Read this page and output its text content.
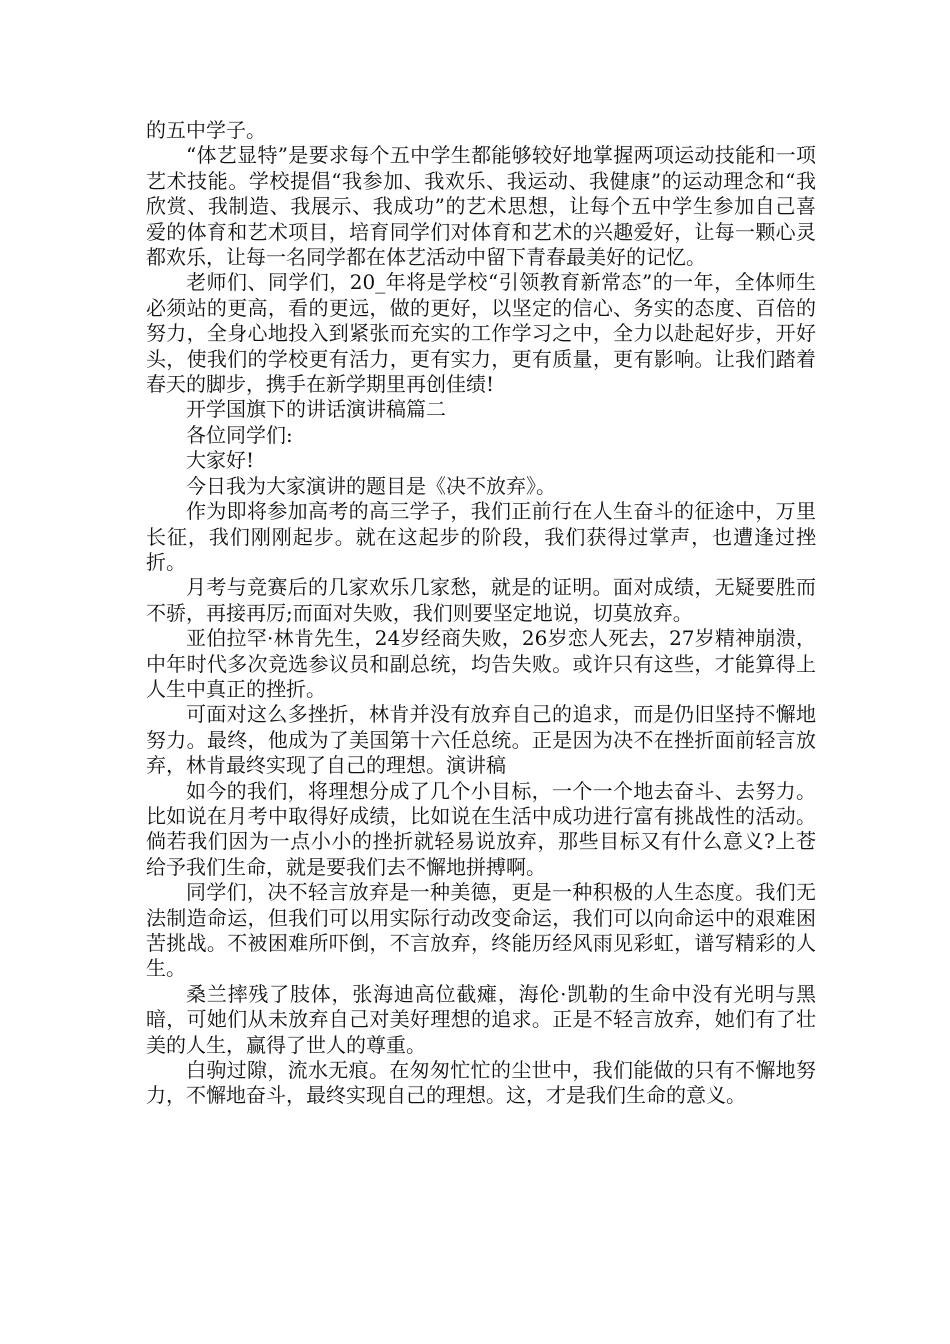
的五中学子。

“体艺显特”是要求每个五中学生都能够较好地掌握两项运动技能和一项艺术技能。学校提倡“我参加、我欢乐、我运动、我健康”的运动理念和“我欣赏、我制造、我展示、我成功”的艺术思想，让每个五中学生参加自己喜爱的体育和艺术项目，培育同学们对体育和艺术的兴趣爱好，让每一颗心灵都欢乐，让每一名同学都在体艺活动中留下青春最美好的记忆。

老师们、同学们，20_年将是学校“引领教育新常态”的一年，全体师生必须站的更高，看的更远，做的更好，以坚定的信心、务实的态度、百倍的努力，全身心地投入到紧张而充实的工作学习之中，全力以赴起好步，开好头，使我们的学校更有活力，更有实力，更有质量，更有影响。让我们踏着春天的脚步，携手在新学期里再创佳绩!

开学国旗下的讲话演讲稿篇二

各位同学们:

大家好!

今日我为大家演讲的题目是《决不放弃》。

作为即将参加高考的高三学子，我们正前行在人生奋斗的征途中，万里长征，我们刚刚起步。就在这起步的阶段，我们获得过掌声，也遭逢过挫折。

月考与竞赛后的几家欢乐几家愁，就是的证明。面对成绩，无疑要胜而不骄，再接再厉;而面对失败，我们则要坚定地说，切莫放弃。

亚伯拉罕·林肯先生，24岁经商失败，26岁恋人死去，27岁精神崩溃，中年时代多次竞选参议员和副总统，均告失败。或许只有这些，才能算得上人生中真正的挫折。

可面对这么多挫折，林肯并没有放弃自己的追求，而是仍旧坚持不懈地努力。最终，他成为了美国第十六任总统。正是因为决不在挫折面前轻言放弃，林肯最终实现了自己的理想。演讲稿

如今的我们，将理想分成了几个小目标，一个一个地去奋斗、去努力。比如说在月考中取得好成绩，比如说在生活中成功进行富有挑战性的活动。倘若我们因为一点小小的挫折就轻易说放弃，那些目标又有什么意义?上苍给予我们生命，就是要我们去不懈地拼搏啊。

同学们，决不轻言放弃是一种美德，更是一种积极的人生态度。我们无法制造命运，但我们可以用实际行动改变命运，我们可以向命运中的艰难困苦挑战。不被困难所吓倒，不言放弃，终能历经风雨见彩虹，谱写精彩的人生。

桑兰摔残了肢体，张海迪高位截瘫，海伦·凯勒的生命中没有光明与黑暗，可她们从未放弃自己对美好理想的追求。正是不轻言放弃，她们有了壮美的人生，赢得了世人的尊重。

白驹过隙，流水无痕。在匆匆忙忙的尘世中，我们能做的只有不懈地努力，不懈地奋斗，最终实现自己的理想。这，才是我们生命的意义。
